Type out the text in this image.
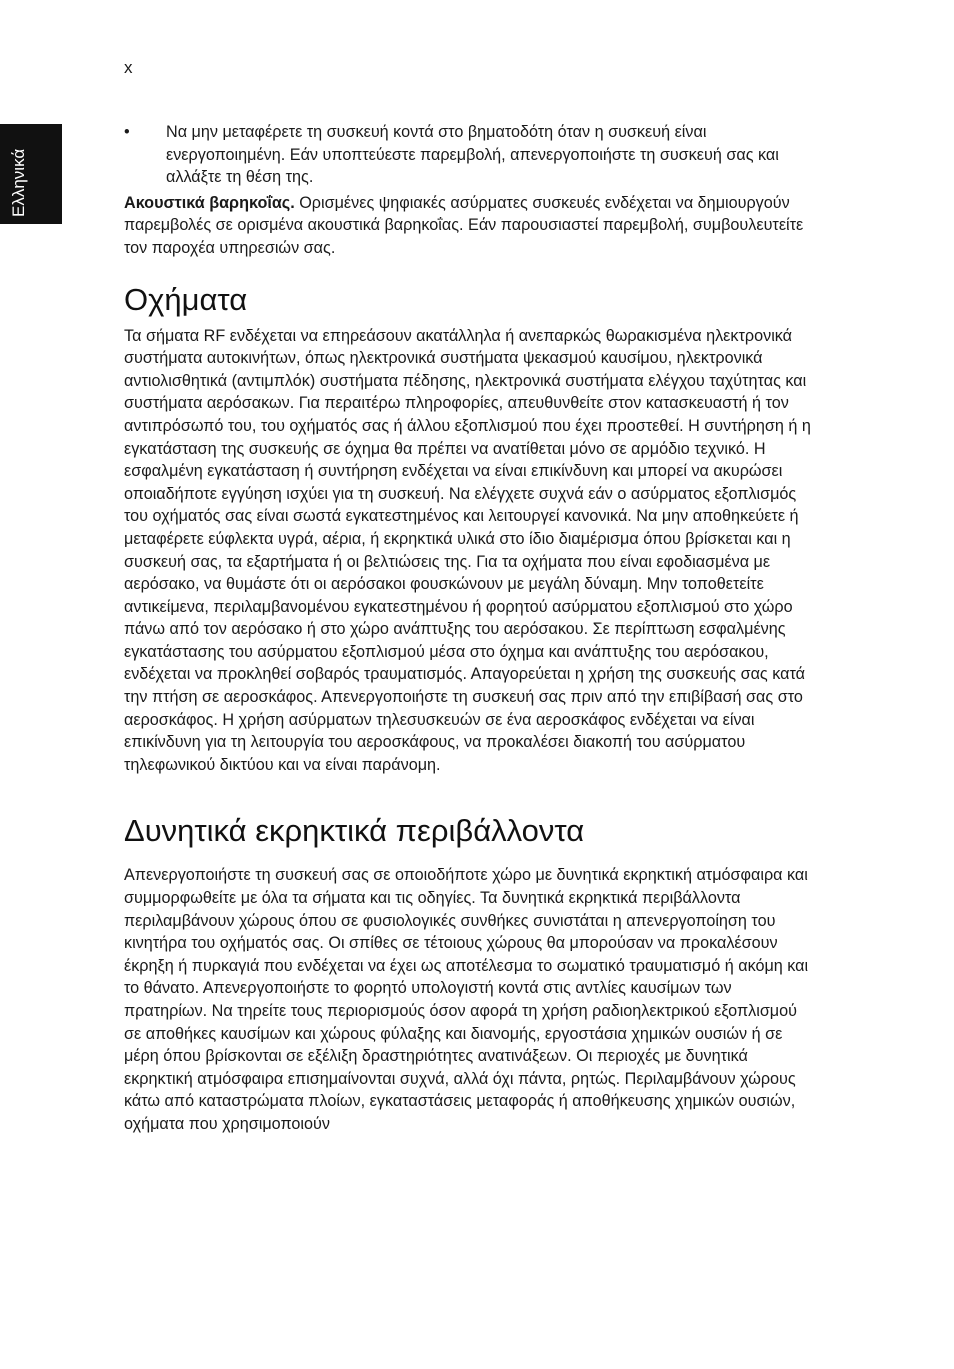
x
Ελληνικά
• Να μην μεταφέρετε τη συσκευή κοντά στο βηματοδότη όταν η συσκευή είναι ενεργοποιημένη. Εάν υποπτεύεστε παρεμβολή, απενεργοποιήστε τη συσκευή σας και αλλάξτε τη θέση της.

Ακουστικά βαρηκοΐας. Ορισμένες ψηφιακές ασύρματες συσκευές ενδέχεται να δημιουργούν παρεμβολές σε ορισμένα ακουστικά βαρηκοΐας. Εάν παρουσιαστεί παρεμβολή, συμβουλευτείτε τον παροχέα υπηρεσιών σας.

Οχήματα

Τα σήματα RF ενδέχεται να επηρεάσουν ακατάλληλα ή ανεπαρκώς θωρακισμένα ηλεκτρονικά συστήματα αυτοκινήτων, όπως ηλεκτρονικά συστήματα ψεκασμού καυσίμου, ηλεκτρονικά αντιολισθητικά (αντιμπλόκ) συστήματα πέδησης, ηλεκτρονικά συστήματα ελέγχου ταχύτητας και συστήματα αερόσακων. Για περαιτέρω πληροφορίες, απευθυνθείτε στον κατασκευαστή ή τον αντιπρόσωπό του, του οχήματός σας ή άλλου εξοπλισμού που έχει προστεθεί. Η συντήρηση ή η εγκατάσταση της συσκευής σε όχημα θα πρέπει να ανατίθεται μόνο σε αρμόδιο τεχνικό. Η εσφαλμένη εγκατάσταση ή συντήρηση ενδέχεται να είναι επικίνδυνη και μπορεί να ακυρώσει οποιαδήποτε εγγύηση ισχύει για τη συσκευή. Να ελέγχετε συχνά εάν ο ασύρματος εξοπλισμός του οχήματός σας είναι σωστά εγκατεστημένος και λειτουργεί κανονικά. Να μην αποθηκεύετε ή μεταφέρετε εύφλεκτα υγρά, αέρια, ή εκρηκτικά υλικά στο ίδιο διαμέρισμα όπου βρίσκεται και η συσκευή σας, τα εξαρτήματα ή οι βελτιώσεις της. Για τα οχήματα που είναι εφοδιασμένα με αερόσακο, να θυμάστε ότι οι αερόσακοι φουσκώνουν με μεγάλη δύναμη. Μην τοποθετείτε αντικείμενα, περιλαμβανομένου εγκατεστημένου ή φορητού ασύρματου εξοπλισμού στο χώρο πάνω από τον αερόσακο ή στο χώρο ανάπτυξης του αερόσακου. Σε περίπτωση εσφαλμένης εγκατάστασης του ασύρματου εξοπλισμού μέσα στο όχημα και ανάπτυξης του αερόσακου, ενδέχεται να προκληθεί σοβαρός τραυματισμός. Απαγορεύεται η χρήση της συσκευής σας κατά την πτήση σε αεροσκάφος. Απενεργοποιήστε τη συσκευή σας πριν από την επιβίβασή σας στο αεροσκάφος. Η χρήση ασύρματων τηλεσυσκευών σε ένα αεροσκάφος ενδέχεται να είναι επικίνδυνη για τη λειτουργία του αεροσκάφους, να προκαλέσει διακοπή του ασύρματου τηλεφωνικού δικτύου και να είναι παράνομη.

Δυνητικά εκρηκτικά περιβάλλοντα

Απενεργοποιήστε τη συσκευή σας σε οποιοδήποτε χώρο με δυνητικά εκρηκτική ατμόσφαιρα και συμμορφωθείτε με όλα τα σήματα και τις οδηγίες. Τα δυνητικά εκρηκτικά περιβάλλοντα περιλαμβάνουν χώρους όπου σε φυσιολογικές συνθήκες συνιστάται η απενεργοποίηση του κινητήρα του οχήματός σας. Οι σπίθες σε τέτοιους χώρους θα μπορούσαν να προκαλέσουν έκρηξη ή πυρκαγιά που ενδέχεται να έχει ως αποτέλεσμα το σωματικό τραυματισμό ή ακόμη και το θάνατο. Απενεργοποιήστε το φορητό υπολογιστή κοντά στις αντλίες καυσίμων των πρατηρίων. Να τηρείτε τους περιορισμούς όσον αφορά τη χρήση ραδιοηλεκτρικού εξοπλισμού σε αποθήκες καυσίμων και χώρους φύλαξης και διανομής, εργοστάσια χημικών ουσιών ή σε μέρη όπου βρίσκονται σε εξέλιξη δραστηριότητες ανατινάξεων. Οι περιοχές με δυνητικά εκρηκτική ατμόσφαιρα επισημαίνονται συχνά, αλλά όχι πάντα, ρητώς. Περιλαμβάνουν χώρους κάτω από καταστρώματα πλοίων, εγκαταστάσεις μεταφοράς ή αποθήκευσης χημικών ουσιών, οχήματα που χρησιμοποιούν
